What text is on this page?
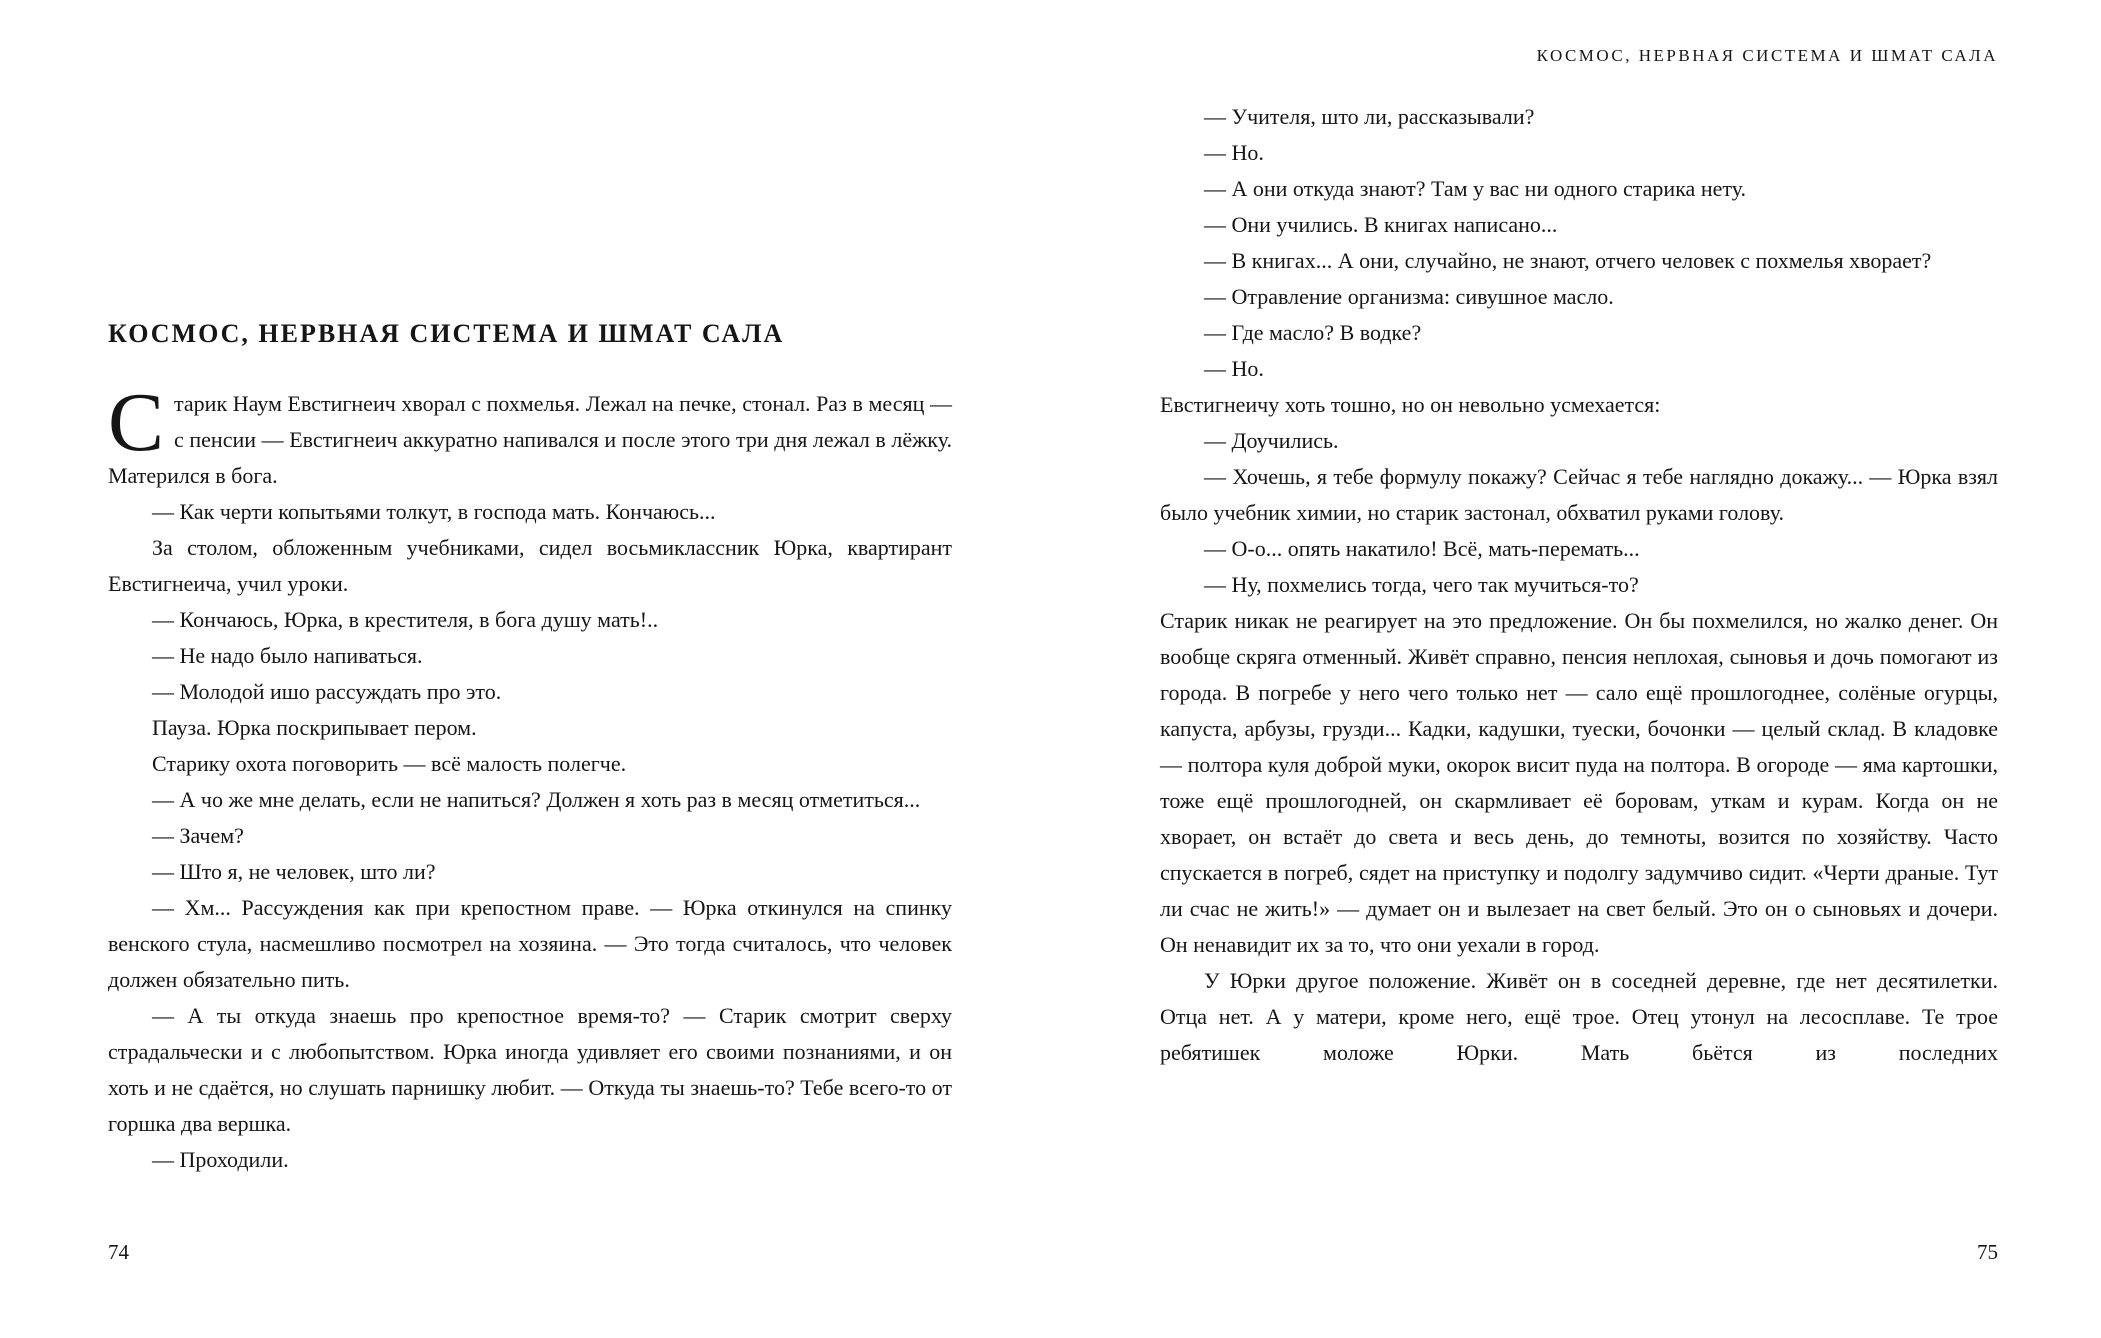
КОСМОС, НЕРВНАЯ СИСТЕМА И ШМАТ САЛА

Старик Наум Евстигнеич хворал с похмелья. Лежал на печке, стонал. Раз в месяц — с пенсии — Евстигнеич аккуратно напивался и после этого три дня лежал в лёжку. Матерился в бога.

— Как черти копытьями толкут, в господа мать. Кончаюсь...

За столом, обложенным учебниками, сидел восьмиклассник Юрка, квартирант Евстигнеича, учил уроки.

— Кончаюсь, Юрка, в крестителя, в бога душу мать!..

— Не надо было напиваться.

— Молодой ишо рассуждать про это.

Пауза. Юрка поскрипывает пером.

Старику охота поговорить — всё малость полегче.

— А чо же мне делать, если не напиться? Должен я хоть раз в месяц отметиться...

— Зачем?

— Што я, не человек, што ли?

— Хм... Рассуждения как при крепостном праве. — Юрка откинулся на спинку венского стула, насмешливо посмотрел на хозяина. — Это тогда считалось, что человек должен обязательно пить.

— А ты откуда знаешь про крепостное время-то? — Старик смотрит сверху страдальчески и с любопытством. Юрка иногда удивляет его своими познаниями, и он хоть и не сдаётся, но слушать парнишку любит. — Откуда ты знаешь-то? Тебе всего-то от горшка два вершка.

— Проходили.

74
КОСМОС, НЕРВНАЯ СИСТЕМА И ШМАТ САЛА

— Учителя, што ли, рассказывали?

— Но.

— А они откуда знают? Там у вас ни одного старика нету.

— Они учились. В книгах написано...

— В книгах... А они, случайно, не знают, отчего человек с похмелья хворает?

— Отравление организма: сивушное масло.

— Где масло? В водке?

— Но.

Евстигнеичу хоть тошно, но он невольно усмехается:

— Доучились.

— Хочешь, я тебе формулу покажу? Сейчас я тебе наглядно докажу... — Юрка взял было учебник химии, но старик застонал, обхватил руками голову.

— О-о... опять накатило! Всё, мать-перемать...

— Ну, похмелись тогда, чего так мучиться-то?

Старик никак не реагирует на это предложение. Он бы похмелился, но жалко денег. Он вообще скряга отменный. Живёт справно, пенсия неплохая, сыновья и дочь помогают из города. В погребе у него чего только нет — сало ещё прошлогоднее, солёные огурцы, капуста, арбузы, грузди... Кадки, кадушки, туески, бочонки — целый склад. В кладовке — полтора куля доброй муки, окорок висит пуда на полтора. В огороде — яма картошки, тоже ещё прошлогодней, он скармливает её боровам, уткам и курам. Когда он не хворает, он встаёт до света и весь день, до темноты, возится по хозяйству. Часто спускается в погреб, сядет на приступку и подолгу задумчиво сидит. «Черти драные. Тут ли счас не жить!» — думает он и вылезает на свет белый. Это он о сыновьях и дочери. Он ненавидит их за то, что они уехали в город.

У Юрки другое положение. Живёт он в соседней деревне, где нет десятилетки. Отца нет. А у матери, кроме него, ещё трое. Отец утонул на лесосплаве. Те трое ребятишек моложе Юрки. Мать бьётся из последних

75
